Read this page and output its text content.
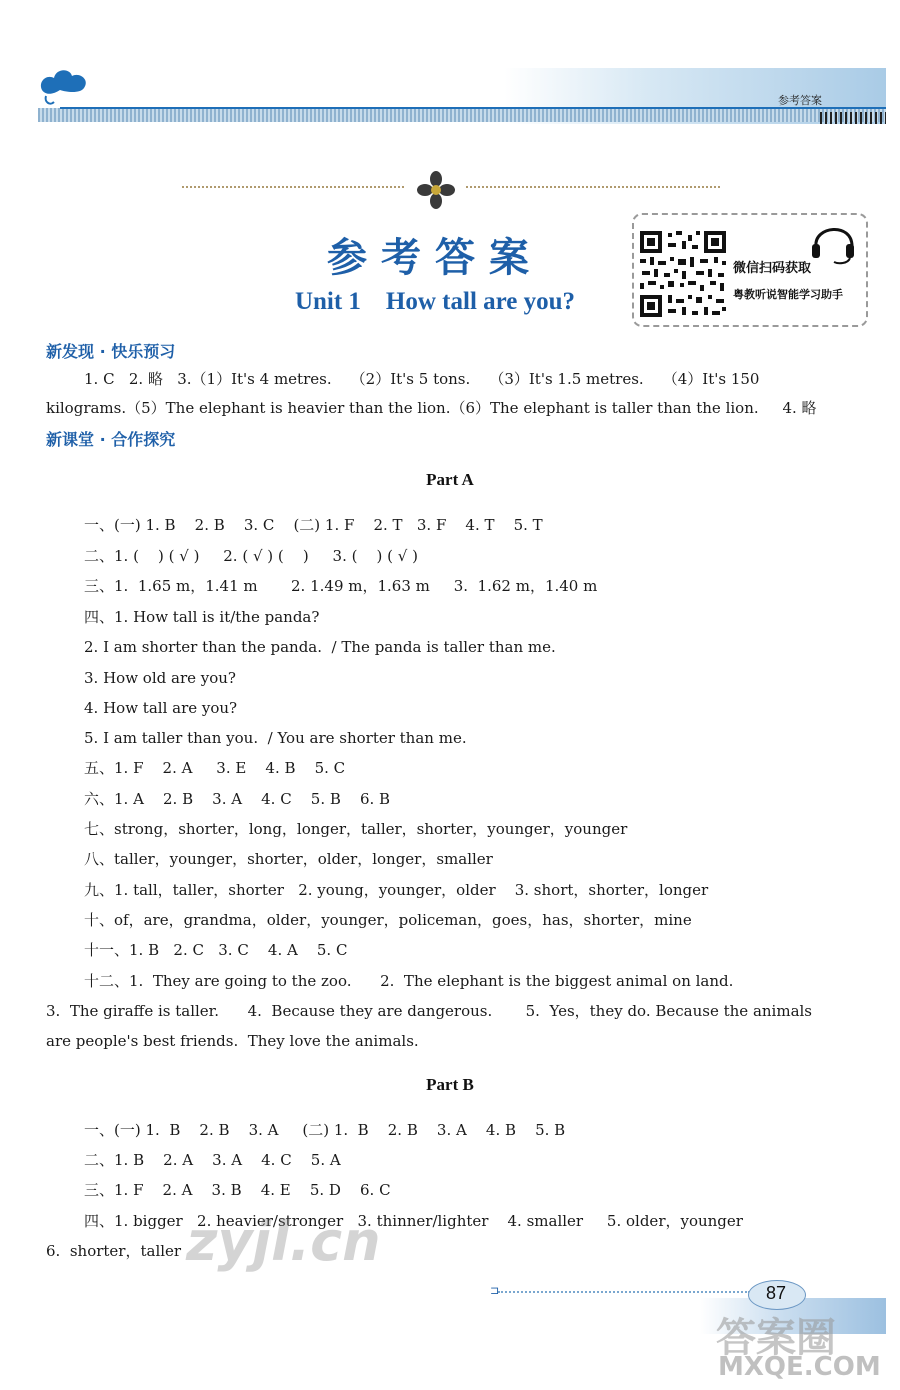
参考答案
参考答案
Unit 1    How tall are you?
微信扫码获取
粤教听说智能学习助手
新发现 · 快乐预习
1. C   2. 略   3.（1）It's 4 metres.    （2）It's 5 tons.    （3）It's 1.5 metres.    （4）It's 150
kilograms.（5）The elephant is heavier than the lion.（6）The elephant is taller than the lion.     4. 略
新课堂 · 合作探究
Part A
一、(一) 1. B    2. B    3. C    (二) 1. F    2. T   3. F    4. T    5. T
二、1. (    ) ( √ )     2. ( √ ) (    )     3. (    ) ( √ )
三、1.  1.65 m，1.41 m       2. 1.49 m，1.63 m     3.  1.62 m，1.40 m
四、1. How tall is it/the panda?
2. I am shorter than the panda.  / The panda is taller than me.
3. How old are you?
4. How tall are you?
5. I am taller than you.  / You are shorter than me.
五、1. F    2. A     3. E    4. B    5. C
六、1. A    2. B    3. A    4. C    5. B    6. B
七、strong，shorter，long，longer，taller，shorter，younger，younger
八、taller，younger，shorter，older，longer，smaller
九、1. tall，taller，shorter   2. young，younger，older    3. short，shorter，longer
十、of，are，grandma，older，younger，policeman，goes，has，shorter，mine
十一、1. B   2. C   3. C    4. A    5. C
十二、1.  They are going to the zoo.      2.  The elephant is the biggest animal on land.
3.  The giraffe is taller.      4.  Because they are dangerous.       5.  Yes，they do. Because the animals
are people's best friends.  They love the animals.
Part B
一、(一) 1.  B    2. B    3. A     (二) 1.  B    2. B    3. A    4. B    5. B
二、1. B    2. A    3. A    4. C    5. A
三、1. F    2. A    3. B    4. E    5. D    6. C
四、1. bigger   2. heavier/stronger   3. thinner/lighter    4. smaller     5. older，younger
6.  shorter，taller zyjl.cn
⊐	87
答案圈
MXQE.COM
